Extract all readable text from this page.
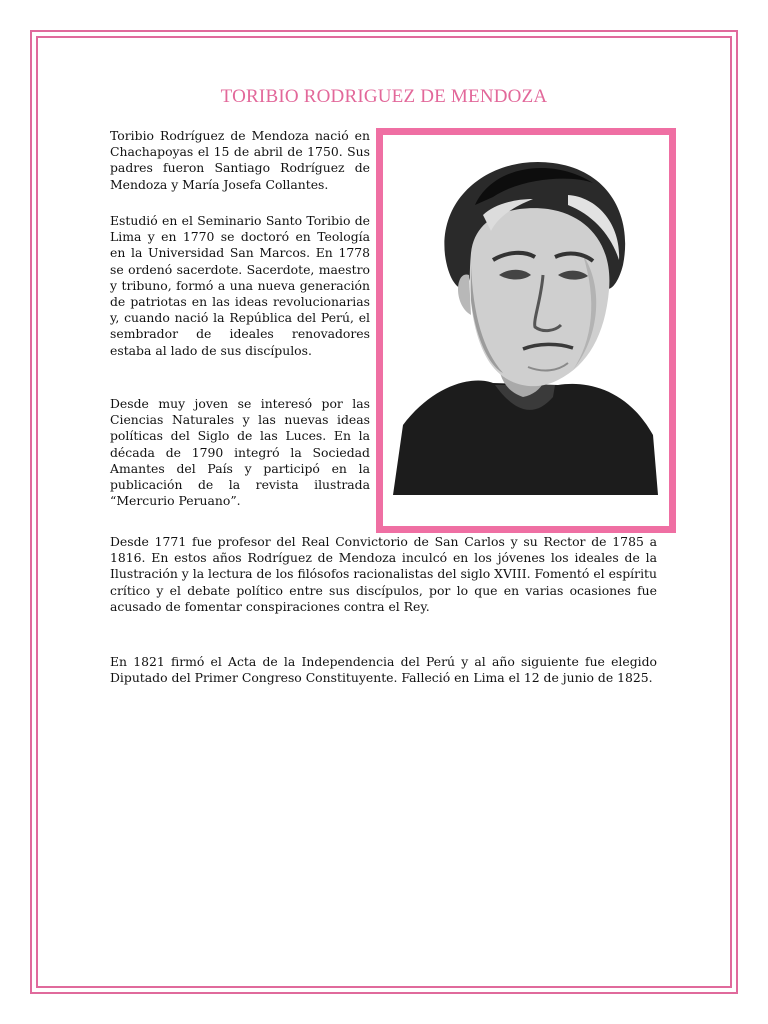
TORIBIO RODRIGUEZ DE MENDOZA

Toribio Rodríguez de Mendoza nació en Chachapoyas el 15 de abril de 1750. Sus padres fueron Santiago Rodríguez de Mendoza y María Josefa Collantes.

Estudió en el Seminario Santo Toribio de Lima y en 1770 se doctoró en Teología en la Universidad San Marcos. En 1778 se ordenó sacerdote. Sacerdote, maestro y tribuno, formó a una nueva generación de patriotas en las ideas revolucionarias y, cuando nació la República del Perú, el sembrador de ideales renovadores estaba al lado de sus discípulos.

Desde muy joven se interesó por las Ciencias Naturales y las nuevas ideas políticas del Siglo de las Luces. En la década de 1790 integró la Sociedad Amantes del País y participó en la publicación de la revista ilustrada “Mercurio Peruano”.

Desde 1771 fue profesor del Real Convictorio de San Carlos y su Rector de 1785 a 1816. En estos años Rodríguez de Mendoza inculcó en los jóvenes los ideales de la Ilustración y la lectura de los filósofos racionalistas del siglo XVIII. Fomentó el espíritu crítico y el debate político entre sus discípulos, por lo que en varias ocasiones fue acusado de fomentar conspiraciones contra el Rey.

En 1821 firmó el Acta de la Independencia del Perú y al año siguiente fue elegido Diputado del Primer Congreso Constituyente. Falleció en Lima el 12 de junio de 1825.
